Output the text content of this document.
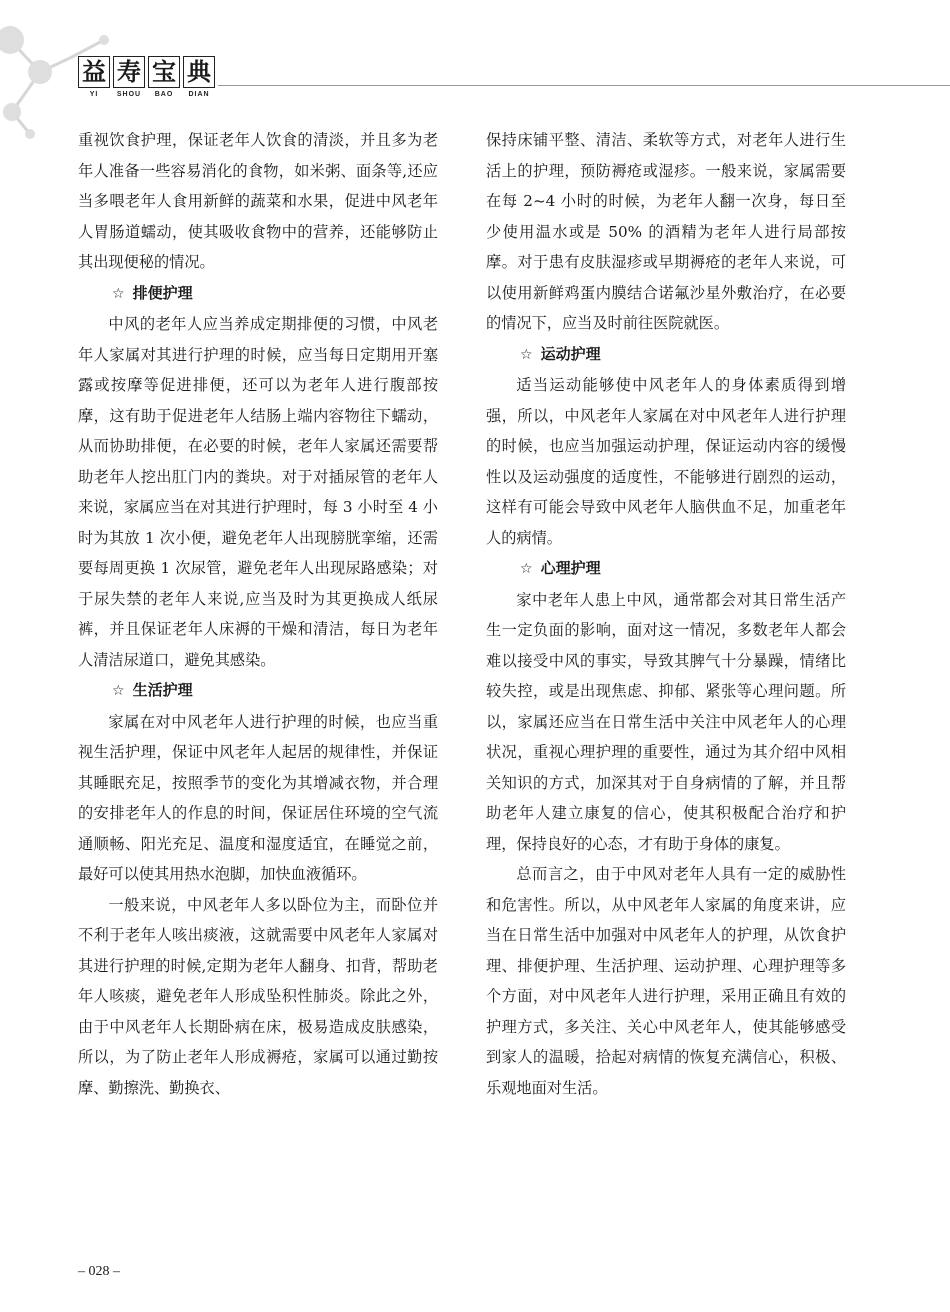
益 寿 宝 典
YI	SHOU	BAO	DIAN

重视饮食护理，保证老年人饮食的清淡，并且多为老年人准备一些容易消化的食物，如米粥、面条等,还应当多喂老年人食用新鲜的蔬菜和水果，促进中风老年人胃肠道蠕动，使其吸收食物中的营养，还能够防止其出现便秘的情况。

☆ 排便护理

中风的老年人应当养成定期排便的习惯，中风老年人家属对其进行护理的时候，应当每日定期用开塞露或按摩等促进排便，还可以为老年人进行腹部按摩，这有助于促进老年人结肠上端内容物往下蠕动，从而协助排便，在必要的时候，老年人家属还需要帮助老年人挖出肛门内的粪块。对于对插尿管的老年人来说，家属应当在对其进行护理时，每 3 小时至 4 小时为其放 1 次小便，避免老年人出现膀胱挛缩，还需要每周更换 1 次尿管，避免老年人出现尿路感染；对于尿失禁的老年人来说,应当及时为其更换成人纸尿裤，并且保证老年人床褥的干燥和清洁，每日为老年人清洁尿道口，避免其感染。

☆ 生活护理

家属在对中风老年人进行护理的时候，也应当重视生活护理，保证中风老年人起居的规律性，并保证其睡眠充足，按照季节的变化为其增减衣物，并合理的安排老年人的作息的时间，保证居住环境的空气流通顺畅、阳光充足、温度和湿度适宜，在睡觉之前，最好可以使其用热水泡脚，加快血液循环。

一般来说，中风老年人多以卧位为主，而卧位并不利于老年人咳出痰液，这就需要中风老年人家属对其进行护理的时候,定期为老年人翻身、扣背，帮助老年人咳痰，避免老年人形成坠积性肺炎。除此之外，由于中风老年人长期卧病在床，极易造成皮肤感染，所以，为了防止老年人形成褥疮，家属可以通过勤按摩、勤擦洗、勤换衣、

保持床铺平整、清洁、柔软等方式，对老年人进行生活上的护理，预防褥疮或湿疹。一般来说，家属需要在每 2~4 小时的时候，为老年人翻一次身，每日至少使用温水或是 50% 的酒精为老年人进行局部按摩。对于患有皮肤湿疹或早期褥疮的老年人来说，可以使用新鲜鸡蛋内膜结合诺氟沙星外敷治疗，在必要的情况下，应当及时前往医院就医。

☆ 运动护理

适当运动能够使中风老年人的身体素质得到增强，所以，中风老年人家属在对中风老年人进行护理的时候，也应当加强运动护理，保证运动内容的缓慢性以及运动强度的适度性，不能够进行剧烈的运动，这样有可能会导致中风老年人脑供血不足，加重老年人的病情。

☆ 心理护理

家中老年人患上中风，通常都会对其日常生活产生一定负面的影响，面对这一情况，多数老年人都会难以接受中风的事实，导致其脾气十分暴躁，情绪比较失控，或是出现焦虑、抑郁、紧张等心理问题。所以，家属还应当在日常生活中关注中风老年人的心理状况，重视心理护理的重要性，通过为其介绍中风相关知识的方式，加深其对于自身病情的了解，并且帮助老年人建立康复的信心，使其积极配合治疗和护理，保持良好的心态，才有助于身体的康复。

总而言之，由于中风对老年人具有一定的威胁性和危害性。所以，从中风老年人家属的角度来讲，应当在日常生活中加强对中风老年人的护理，从饮食护理、排便护理、生活护理、运动护理、心理护理等多个方面，对中风老年人进行护理，采用正确且有效的护理方式，多关注、关心中风老年人，使其能够感受到家人的温暖，拾起对病情的恢复充满信心，积极、乐观地面对生活。

– 028 –
